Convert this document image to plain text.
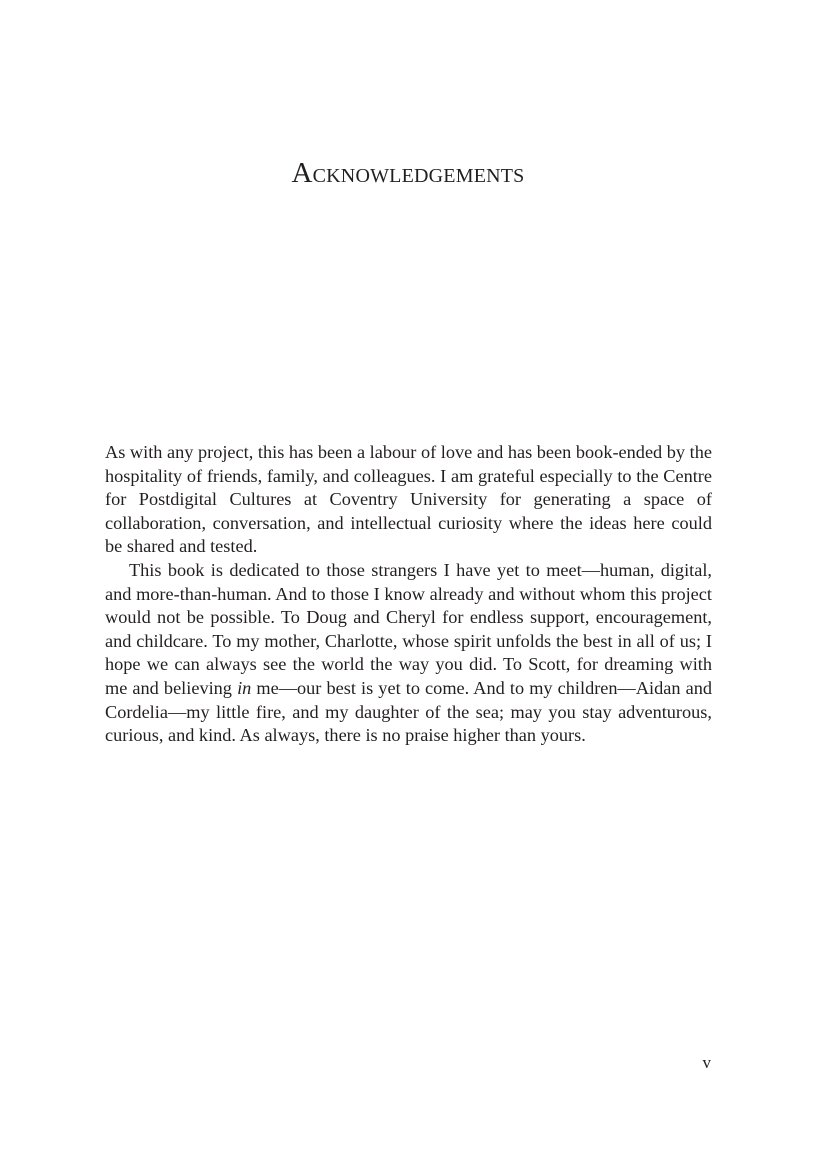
Acknowledgements

As with any project, this has been a labour of love and has been book-ended by the hospitality of friends, family, and colleagues. I am grateful especially to the Centre for Postdigital Cultures at Coventry University for generating a space of collaboration, conversation, and intellectual curiosity where the ideas here could be shared and tested.

This book is dedicated to those strangers I have yet to meet—human, digital, and more-than-human. And to those I know already and without whom this project would not be possible. To Doug and Cheryl for endless support, encouragement, and childcare. To my mother, Charlotte, whose spirit unfolds the best in all of us; I hope we can always see the world the way you did. To Scott, for dreaming with me and believing in me—our best is yet to come. And to my children—Aidan and Cordelia—my little fire, and my daughter of the sea; may you stay adventurous, curious, and kind. As always, there is no praise higher than yours.

v
